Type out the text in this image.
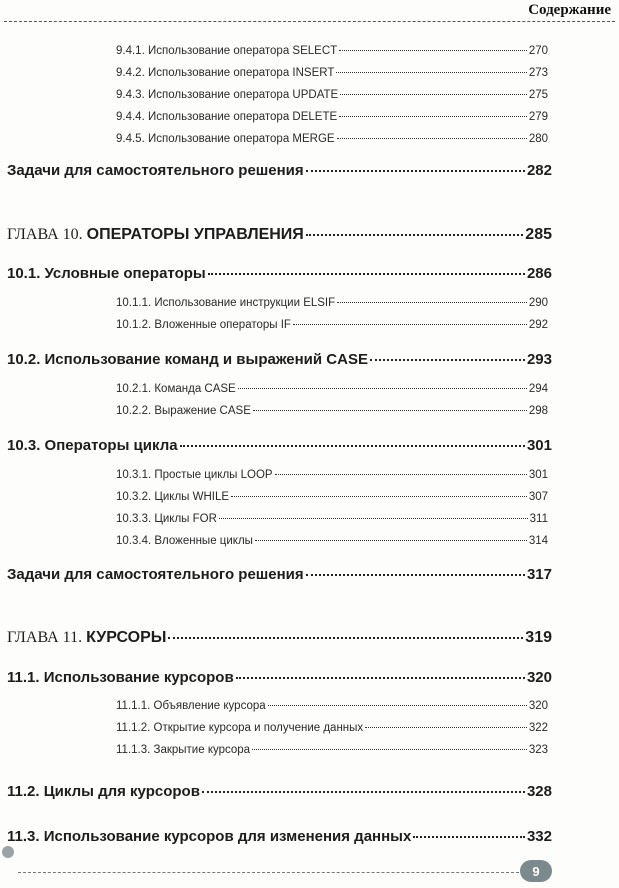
Содержание
9.4.1. Использование оператора SELECT	270
9.4.2. Использование оператора INSERT	273
9.4.3. Использование оператора UPDATE	275
9.4.4. Использование оператора DELETE	279
9.4.5. Использование оператора MERGE	280
Задачи для самостоятельного решения	282
ГЛАВА 10. ОПЕРАТОРЫ УПРАВЛЕНИЯ	285
10.1. Условные операторы	286
10.1.1. Использование инструкции ELSIF	290
10.1.2. Вложенные операторы IF	292
10.2. Использование команд и выражений CASE	293
10.2.1. Команда CASE	294
10.2.2. Выражение CASE	298
10.3. Операторы цикла	301
10.3.1. Простые циклы LOOP	301
10.3.2. Циклы WHILE	307
10.3.3. Циклы FOR	311
10.3.4. Вложенные циклы	314
Задачи для самостоятельного решения	317
ГЛАВА 11. КУРСОРЫ	319
11.1. Использование курсоров	320
11.1.1. Объявление курсора	320
11.1.2. Открытие курсора и получение данных	322
11.1.3. Закрытие курсора	323
11.2. Циклы для курсоров	328
11.3. Использование курсоров для изменения данных	332
9
